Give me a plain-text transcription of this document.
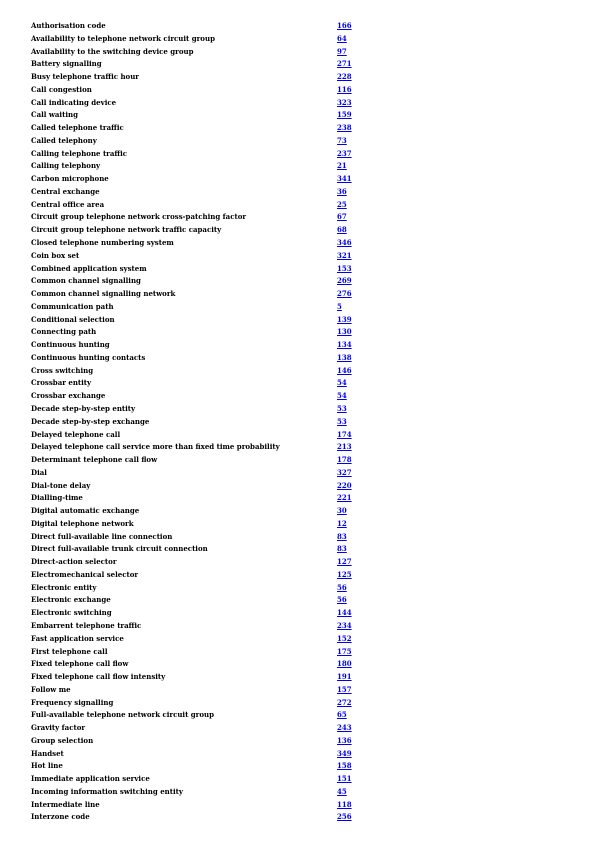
Authorisation code	166
Availability to telephone network circuit group	64
Availability to the switching device group	97
Battery signalling	271
Busy telephone traffic hour	228
Call congestion	116
Call indicating device	323
Call waiting	159
Called telephone traffic	238
Called telephony	73
Calling telephone traffic	237
Calling telephony	21
Carbon microphone	341
Central exchange	36
Central office area	25
Circuit group telephone network cross-patching factor	67
Circuit group telephone network traffic capacity	68
Closed telephone numbering system	346
Coin box set	321
Combined application system	153
Common channel signalling	269
Common channel signalling network	276
Communication path	5
Conditional selection	139
Connecting path	130
Continuous hunting	134
Continuous hunting contacts	138
Cross switching	146
Crossbar entity	54
Crossbar exchange	54
Decade step-by-step entity	53
Decade step-by-step exchange	53
Delayed telephone call	174
Delayed telephone call service more than fixed time probability	213
Determinant telephone call flow	178
Dial	327
Dial-tone delay	220
Dialling-time	221
Digital automatic exchange	30
Digital telephone network	12
Direct full-available line connection	83
Direct full-available trunk circuit connection	83
Direct-action selector	127
Electromechanical selector	125
Electronic entity	56
Electronic exchange	56
Electronic switching	144
Embarrent telephone traffic	234
Fast application service	152
First telephone call	175
Fixed telephone call flow	180
Fixed telephone call flow intensity	191
Follow me	157
Frequency signalling	272
Full-available telephone network circuit group	65
Gravity factor	243
Group selection	136
Handset	349
Hot line	158
Immediate application service	151
Incoming information switching entity	45
Intermediate line	118
Interzone code	256
